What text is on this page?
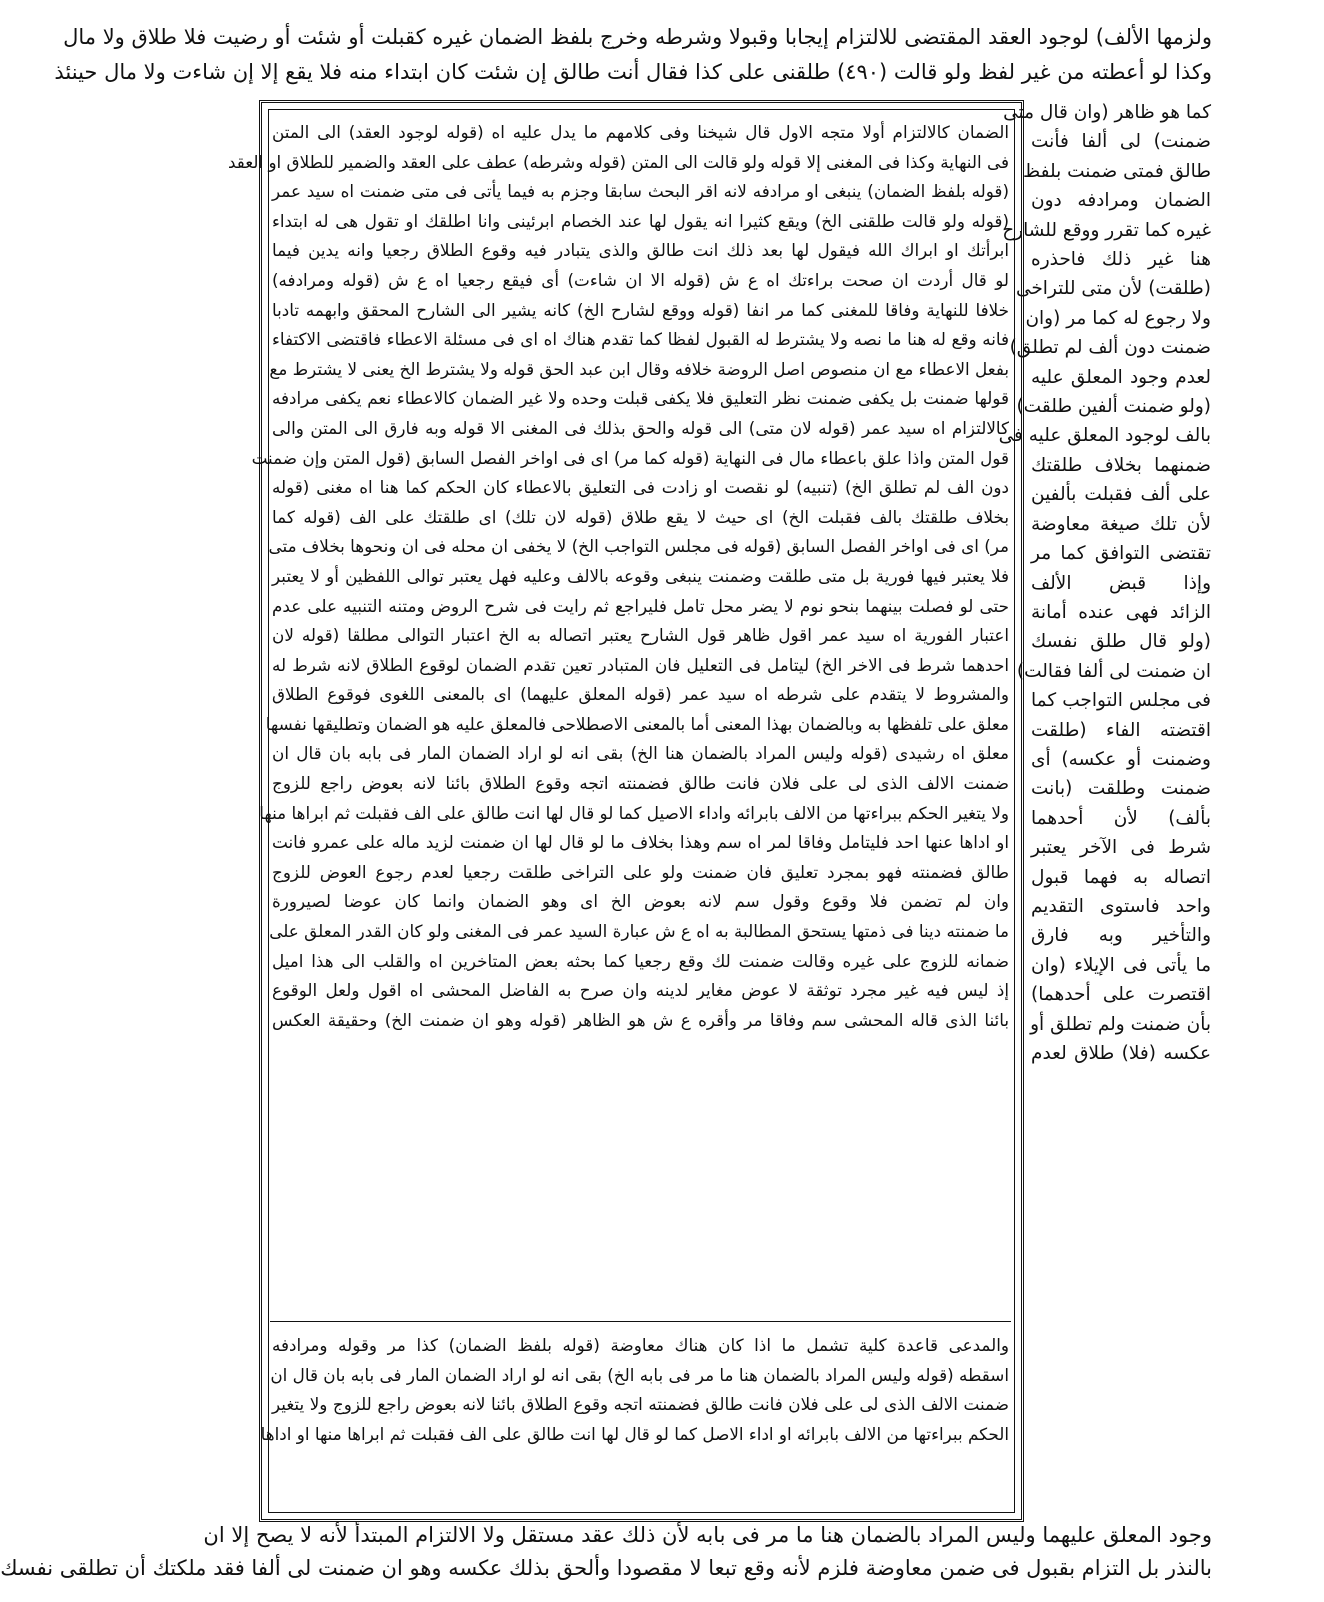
ولزمها الألف) لوجود العقد المقتضى للالتزام إيجابا وقبولا وشرطه وخرج بلفظ الضمان غيره كقبلت أو شئت أو رضيت فلا طلاق ولا مال
وكذا لو أعطته من غير لفظ ولو قالت (٤٩٠) طلقنى على كذا فقال أنت طالق إن شئت كان ابتداء منه فلا يقع إلا إن شاءت ولا مال حينئذ
كما هو ظاهر (وان قال متى
ضمنت) لى ألفا فأنت
طالق فمتى ضمنت بلفظ
الضمان ومرادفه دون
غيره كما تقرر ووقع للشارح
هنا غير ذلك فاحذره
(طلقت) لأن متى للتراخى
ولا رجوع له كما مر (وان
ضمنت دون ألف لم تطلق)
لعدم وجود المعلق عليه
(ولو ضمنت ألفين طلقت)
بالف لوجود المعلق عليه فى
ضمنهما بخلاف طلقتك
على ألف فقبلت بألفين
لأن تلك صيغة معاوضة
تقتضى التوافق كما مر
وإذا قبض الألف
الزائد فهى عنده أمانة
(ولو قال طلق نفسك
ان ضمنت لى ألفا فقالت)
فى مجلس التواجب كما
اقتضته الفاء (طلقت
وضمنت أو عكسه) أى
ضمنت وطلقت (بانت
بألف) لأن أحدهما
شرط فى الآخر يعتبر
اتصاله به فهما قبول
واحد فاستوى التقديم
والتأخير وبه فارق
ما يأتى فى الإيلاء (وان
اقتصرت على أحدهما)
بأن ضمنت ولم تطلق أو
عكسه (فلا) طلاق لعدم
الضمان كالالتزام أولا متجه الاول قال شيخنا وفى كلامهم ما يدل عليه اه (قوله لوجود العقد) الى المتن
فى النهاية وكذا فى المغنى إلا قوله ولو قالت الى المتن (قوله وشرطه) عطف على العقد والضمير للطلاق او العقد
(قوله بلفظ الضمان) ينبغى او مرادفه لانه اقر البحث سابقا وجزم به فيما يأتى فى متى ضمنت اه سيد عمر
(قوله ولو قالت طلقنى الخ) ويقع كثيرا انه يقول لها عند الخصام ابرئينى وانا اطلقك او تقول هى له ابتداء
ابرأتك او ابراك الله فيقول لها بعد ذلك انت طالق والذى يتبادر فيه وقوع الطلاق رجعيا وانه يدين فيما
لو قال أردت ان صحت براءتك اه ع ش (قوله الا ان شاءت) أى فيقع رجعيا اه ع ش (قوله ومرادفه)
خلافا للنهاية وفاقا للمغنى كما مر انفا (قوله ووقع لشارح الخ) كانه يشير الى الشارح المحقق وابهمه تادبا
فانه وقع له هنا ما نصه ولا يشترط له القبول لفظا كما تقدم هناك اه اى فى مسئلة الاعطاء فاقتضى الاكتفاء
بفعل الاعطاء مع ان منصوص اصل الروضة خلافه وقال ابن عبد الحق قوله ولا يشترط الخ يعنى لا يشترط مع
قولها ضمنت بل يكفى ضمنت نظر التعليق فلا يكفى قبلت وحده ولا غير الضمان كالاعطاء نعم يكفى مرادفه
كالالتزام اه سيد عمر (قوله لان متى) الى قوله والحق بذلك فى المغنى الا قوله وبه فارق الى المتن والى
قول المتن واذا علق باعطاء مال فى النهاية (قوله كما مر) اى فى اواخر الفصل السابق (قول المتن وإن ضمنت
دون الف لم تطلق الخ) (تنبيه) لو نقصت او زادت فى التعليق بالاعطاء كان الحكم كما هنا اه مغنى (قوله
بخلاف طلقتك بالف فقبلت الخ) اى حيث لا يقع طلاق (قوله لان تلك) اى طلقتك على الف (قوله كما
مر) اى فى اواخر الفصل السابق (قوله فى مجلس التواجب الخ) لا يخفى ان محله فى ان ونحوها بخلاف متى
فلا يعتبر فيها فورية بل متى طلقت وضمنت ينبغى وقوعه بالالف وعليه فهل يعتبر توالى اللفظين أو لا يعتبر
حتى لو فصلت بينهما بنحو نوم لا يضر محل تامل فليراجع ثم رايت فى شرح الروض ومتنه التنبيه على عدم
اعتبار الفورية اه سيد عمر اقول ظاهر قول الشارح يعتبر اتصاله به الخ اعتبار التوالى مطلقا (قوله لان
احدهما شرط فى الاخر الخ) ليتامل فى التعليل فان المتبادر تعين تقدم الضمان لوقوع الطلاق لانه شرط له
والمشروط لا يتقدم على شرطه اه سيد عمر (قوله المعلق عليهما) اى بالمعنى اللغوى فوقوع الطلاق
معلق على تلفظها به وبالضمان بهذا المعنى أما بالمعنى الاصطلاحى فالمعلق عليه هو الضمان وتطليقها نفسها
معلق اه رشيدى (قوله وليس المراد بالضمان هنا الخ) بقى انه لو اراد الضمان المار فى بابه بان قال ان
ضمنت الالف الذى لى على فلان فانت طالق فضمنته اتجه وقوع الطلاق بائنا لانه بعوض راجع للزوج
ولا يتغير الحكم ببراءتها من الالف بابرائه واداء الاصيل كما لو قال لها انت طالق على الف فقبلت ثم ابراها منها
او اداها عنها احد فليتامل وفاقا لمر اه سم وهذا بخلاف ما لو قال لها ان ضمنت لزيد ماله على عمرو فانت
طالق فضمنته فهو بمجرد تعليق فان ضمنت ولو على التراخى طلقت رجعيا لعدم رجوع العوض للزوج
وان لم تضمن فلا وقوع وقول سم لانه بعوض الخ اى وهو الضمان وانما كان عوضا لصيرورة
ما ضمنته دينا فى ذمتها يستحق المطالبة به اه ع ش عبارة السيد عمر فى المغنى ولو كان القدر المعلق على
ضمانه للزوج على غيره وقالت ضمنت لك وقع رجعيا كما بحثه بعض المتاخرين اه والقلب الى هذا اميل
إذ ليس فيه غير مجرد توثقة لا عوض مغاير لدينه وان صرح به الفاضل المحشى اه اقول ولعل الوقوع
بائنا الذى قاله المحشى سم وفاقا مر وأقره ع ش هو الظاهر (قوله وهو ان ضمنت الخ) وحقيقة العكس
والمدعى قاعدة كلية تشمل ما اذا كان هناك معاوضة (قوله بلفظ الضمان) كذا مر وقوله ومرادفه
اسقطه (قوله وليس المراد بالضمان هنا ما مر فى بابه الخ) بقى انه لو اراد الضمان المار فى بابه بان قال ان
ضمنت الالف الذى لى على فلان فانت طالق فضمنته اتجه وقوع الطلاق بائنا لانه بعوض راجع للزوج ولا يتغير
الحكم ببراءتها من الالف بابرائه او اداء الاصل كما لو قال لها انت طالق على الف فقبلت ثم ابراها منها او اداها
وجود المعلق عليهما وليس المراد بالضمان هنا ما مر فى بابه لأن ذلك عقد مستقل ولا الالتزام المبتدأ لأنه لا يصح إلا ان
بالنذر بل التزام بقبول فى ضمن معاوضة فلزم لأنه وقع تبعا لا مقصودا وألحق بذلك عكسه وهو ان ضمنت لى ألفا فقد ملكتك أن تطلقى نفسك
